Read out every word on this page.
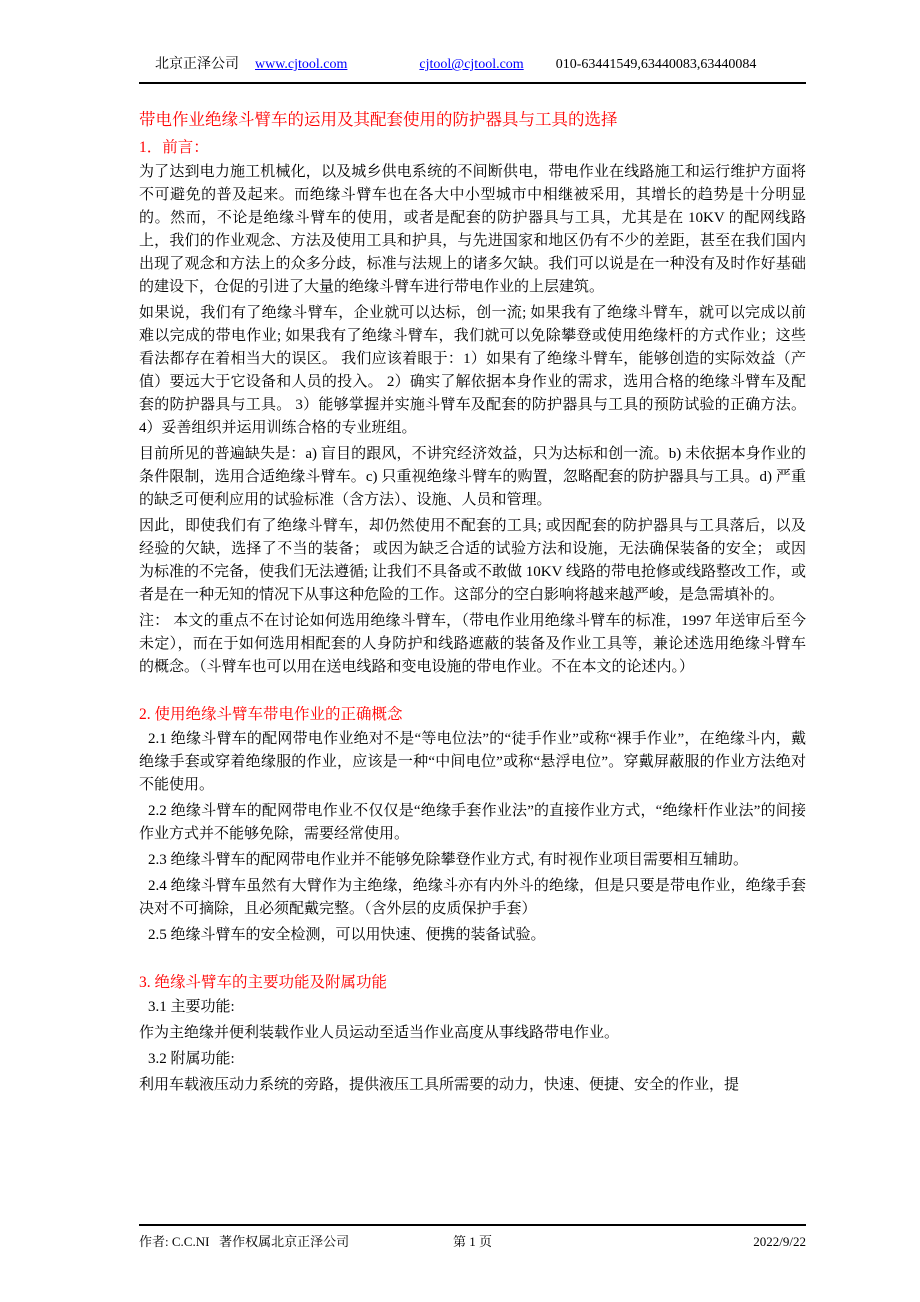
北京正泽公司 www.cjtool.com	cjtool@cjtool.com 010-63441549,63440083,63440084
带电作业绝缘斗臂车的运用及其配套使用的防护器具与工具的选择
1．前言：

为了达到电力施工机械化，以及城乡供电系统的不间断供电，带电作业在线路施工和运行维护方面将不可避免的普及起来。而绝缘斗臂车也在各大中小型城市中相继被采用，其增长的趋势是十分明显的。然而，不论是绝缘斗臂车的使用，或者是配套的防护器具与工具，尤其是在 10KV 的配网线路上，我们的作业观念、方法及使用工具和护具，与先进国家和地区仍有不少的差距，甚至在我们国内出现了观念和方法上的众多分歧，标准与法规上的诸多欠缺。我们可以说是在一种没有及时作好基础的建设下，仓促的引进了大量的绝缘斗臂车进行带电作业的上层建筑。

如果说，我们有了绝缘斗臂车，企业就可以达标，创一流; 如果我有了绝缘斗臂车，就可以完成以前难以完成的带电作业; 如果我有了绝缘斗臂车，我们就可以免除攀登或使用绝缘杆的方式作业；这些看法都存在着相当大的误区。 我们应该着眼于：1）如果有了绝缘斗臂车，能够创造的实际效益（产值）要远大于它设备和人员的投入。 2）确实了解依据本身作业的需求，选用合格的绝缘斗臂车及配套的防护器具与工具。 3）能够掌握并实施斗臂车及配套的防护器具与工具的预防试验的正确方法。 4）妥善组织并运用训练合格的专业班组。

目前所见的普遍缺失是：a) 盲目的跟风，不讲究经济效益，只为达标和创一流。b) 未依据本身作业的条件限制，选用合适绝缘斗臂车。c) 只重视绝缘斗臂车的购置，忽略配套的防护器具与工具。d) 严重的缺乏可便利应用的试验标准（含方法）、设施、人员和管理。

因此，即使我们有了绝缘斗臂车，却仍然使用不配套的工具; 或因配套的防护器具与工具落后，以及经验的欠缺，选择了不当的装备； 或因为缺乏合适的试验方法和设施，无法确保装备的安全； 或因为标准的不完备，使我们无法遵循; 让我们不具备或不敢做 10KV 线路的带电抢修或线路整改工作，或者是在一种无知的情况下从事这种危险的工作。这部分的空白影响将越来越严峻，是急需填补的。

注： 本文的重点不在讨论如何选用绝缘斗臂车，（带电作业用绝缘斗臂车的标准，1997 年送审后至今未定），而在于如何选用相配套的人身防护和线路遮蔽的装备及作业工具等，兼论述选用绝缘斗臂车的概念。（斗臂车也可以用在送电线路和变电设施的带电作业。不在本文的论述内。）

2. 使用绝缘斗臂车带电作业的正确概念

2.1 绝缘斗臂车的配网带电作业绝对不是“等电位法”的“徒手作业”或称“裸手作业”，在绝缘斗内，戴绝缘手套或穿着绝缘服的作业，应该是一种“中间电位”或称“悬浮电位”。穿戴屏蔽服的作业方法绝对不能使用。

2.2 绝缘斗臂车的配网带电作业不仅仅是“绝缘手套作业法”的直接作业方式，“绝缘杆作业法”的间接作业方式并不能够免除，需要经常使用。

2.3 绝缘斗臂车的配网带电作业并不能够免除攀登作业方式, 有时视作业项目需要相互辅助。

2.4 绝缘斗臂车虽然有大臂作为主绝缘，绝缘斗亦有内外斗的绝缘，但是只要是带电作业，绝缘手套决对不可摘除，且必须配戴完整。（含外层的皮质保护手套）

2.5 绝缘斗臂车的安全检测，可以用快速、便携的装备试验。

3. 绝缘斗臂车的主要功能及附属功能

3.1 主要功能:

作为主绝缘并便利装载作业人员运动至适当作业高度从事线路带电作业。

3.2 附属功能:

利用车载液压动力系统的旁路，提供液压工具所需要的动力，快速、便捷、安全的作业，提

作者: C.C.NI   著作权属北京正泽公司	第 1 页	2022/9/22
